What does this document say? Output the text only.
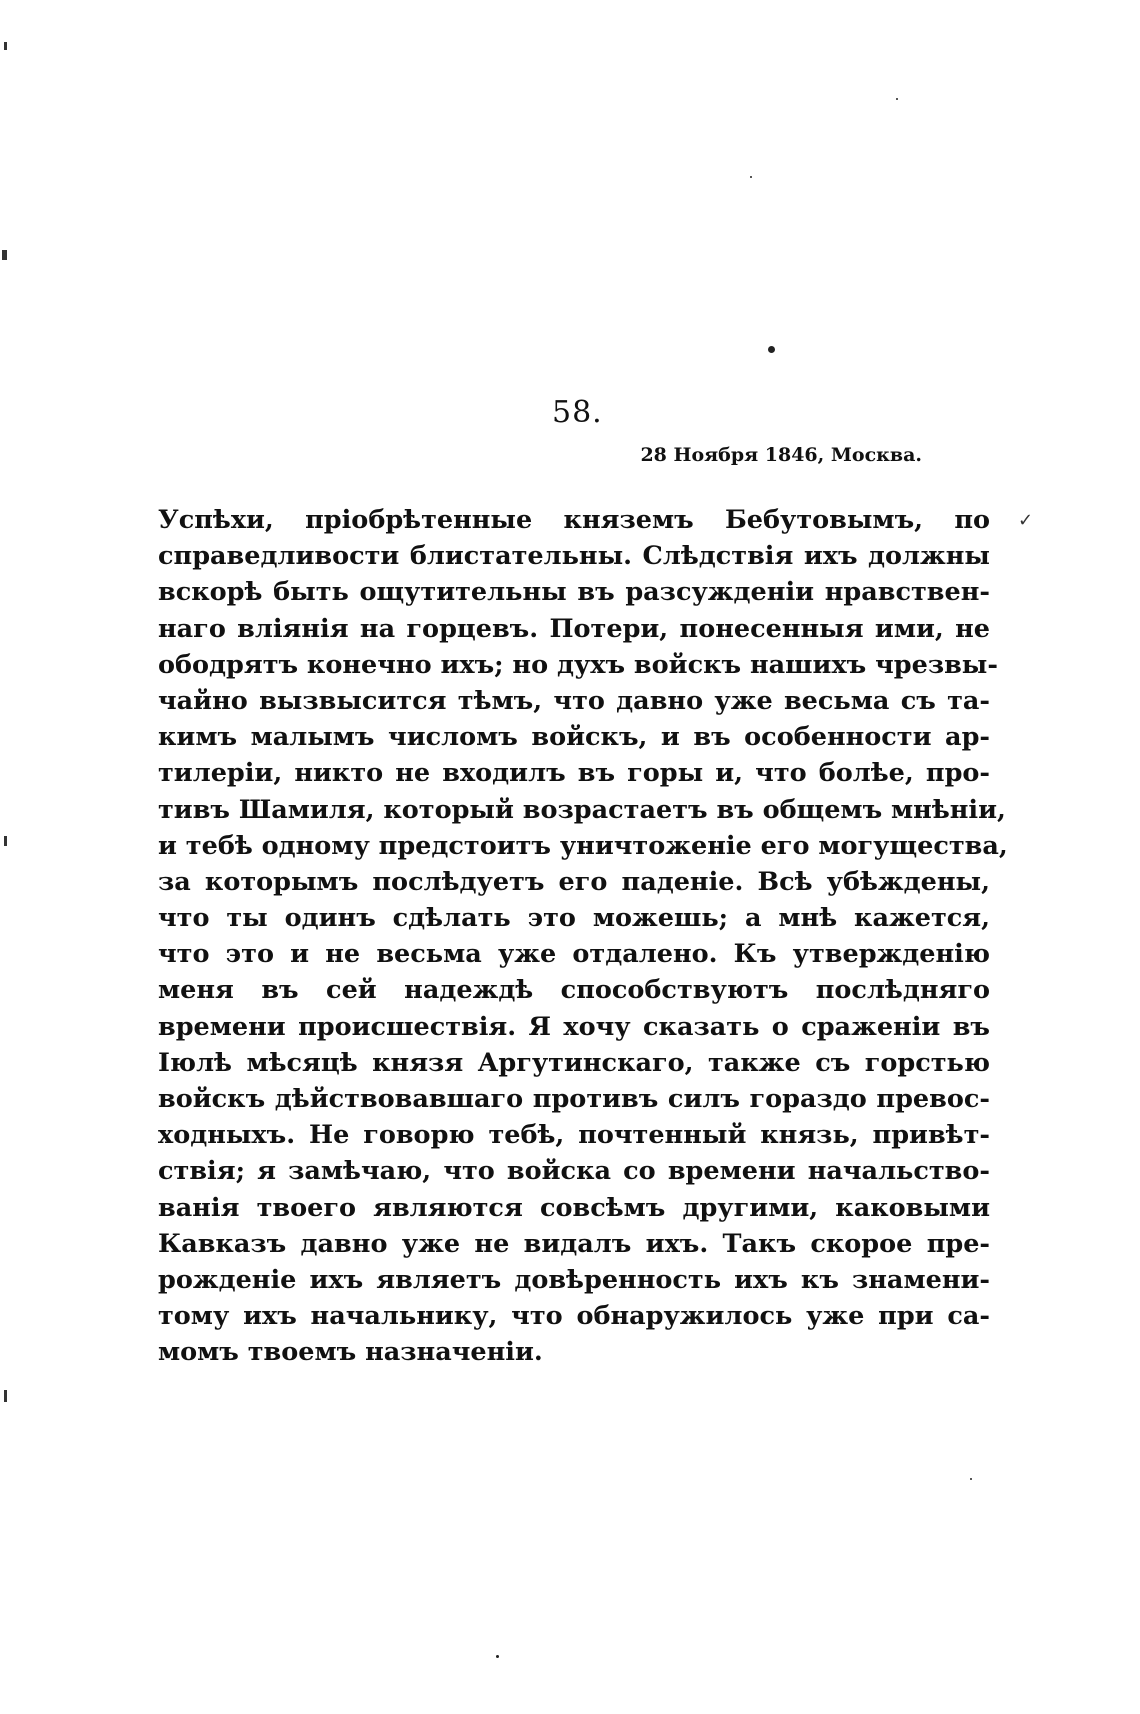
58.
28 Ноября 1846, Москва.
Успѣхи, пріобрѣтенные княземъ Бебутовымъ, по
справедливости блистательны. Слѣдствія ихъ должны
вскорѣ быть ощутительны въ разсужденіи нравствен-
наго вліянія на горцевъ. Потери, понесенныя ими, не
ободрятъ конечно ихъ; но духъ войскъ нашихъ чрезвы-
чайно вызвысится тѣмъ, что давно уже весьма съ та-
кимъ малымъ числомъ войскъ, и въ особенности ар-
тилеріи, никто не входилъ въ горы и, что болѣе, про-
тивъ Шамиля, который возрастаетъ въ общемъ мнѣніи,
и тебѣ одному предстоитъ уничтоженіе его могущества,
за которымъ послѣдуетъ его паденіе. Всѣ убѣждены,
что ты одинъ сдѣлать это можешь; а мнѣ кажется,
что это и не весьма уже отдалено. Къ утвержденію
меня въ сей надеждѣ способствуютъ послѣдняго
времени происшествія. Я хочу сказать о сраженіи въ
Іюлѣ мѣсяцѣ князя Аргутинскаго, также съ горстью
войскъ дѣйствовавшаго противъ силъ гораздо превос-
ходныхъ. Не говорю тебѣ, почтенный князь, привѣт-
ствія; я замѣчаю, что войска со времени начальство-
ванія твоего являются совсѣмъ другими, каковыми
Кавказъ давно уже не видалъ ихъ. Такъ скорое пре-
рожденіе ихъ являетъ довѣренность ихъ къ знамени-
тому ихъ начальнику, что обнаружилось уже при са-
момъ твоемъ назначеніи.
✓
